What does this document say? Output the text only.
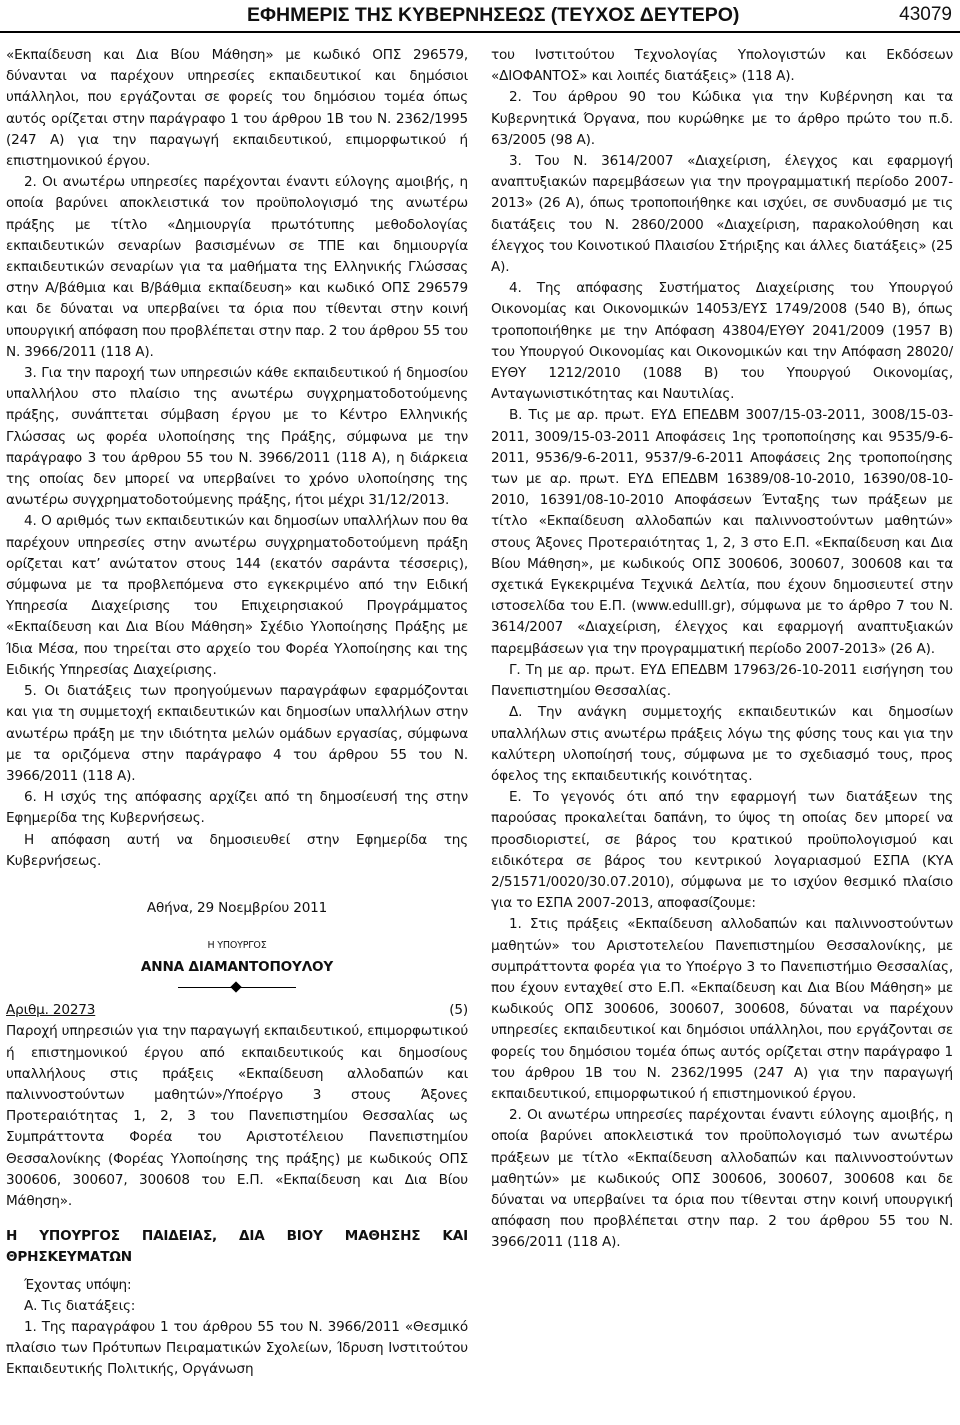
ΕΦΗΜΕΡΙΣ ΤΗΣ ΚΥΒΕΡΝΗΣΕΩΣ (ΤΕΥΧΟΣ ΔΕΥΤΕΡΟ)	43079

«Εκπαίδευση και Δια Βίου Μάθηση» με κωδικό ΟΠΣ 296579, δύνανται να παρέχουν υπηρεσίες εκπαιδευτικοί και δημόσιοι υπάλληλοι, που εργάζονται σε φορείς του δημόσιου τομέα όπως αυτός ορίζεται στην παράγραφο 1 του άρθρου 1Β του Ν. 2362/1995 (247 Α) για την παραγωγή εκπαιδευτικού, επιμορφωτικού ή επιστημονικού έργου.

2. Οι ανωτέρω υπηρεσίες παρέχονται έναντι εύλογης αμοιβής, η οποία βαρύνει αποκλειστικά τον προϋπολογισμό της ανωτέρω πράξης με τίτλο «Δημιουργία πρωτότυπης μεθοδολογίας εκπαιδευτικών σεναρίων βασισμένων σε ΤΠΕ και δημιουργία εκπαιδευτικών σεναρίων για τα μαθήματα της Ελληνικής Γλώσσας στην Α/βάθμια και Β/βάθμια εκπαίδευση» και κωδικό ΟΠΣ 296579 και δε δύναται να υπερβαίνει τα όρια που τίθενται στην κοινή υπουργική απόφαση που προβλέπεται στην παρ. 2 του άρθρου 55 του Ν. 3966/2011 (118 Α).

3. Για την παροχή των υπηρεσιών κάθε εκπαιδευτικού ή δημοσίου υπαλλήλου στο πλαίσιο της ανωτέρω συγχρηματοδοτούμενης πράξης, συνάπτεται σύμβαση έργου με το Κέντρο Ελληνικής Γλώσσας ως φορέα υλοποίησης της Πράξης, σύμφωνα με την παράγραφο 3 του άρθρου 55 του Ν. 3966/2011 (118 Α), η διάρκεια της οποίας δεν μπορεί να υπερβαίνει το χρόνο υλοποίησης της ανωτέρω συγχρηματοδοτούμενης πράξης, ήτοι μέχρι 31/12/2013.

4. Ο αριθμός των εκπαιδευτικών και δημοσίων υπαλλήλων που θα παρέχουν υπηρεσίες στην ανωτέρω συγχρηματοδοτούμενη πράξη ορίζεται κατ’ ανώτατον στους 144 (εκατόν σαράντα τέσσερις), σύμφωνα με τα προβλεπόμενα στο εγκεκριμένο από την Ειδική Υπηρεσία Διαχείρισης του Επιχειρησιακού Προγράμματος «Εκπαίδευση και Δια Βίου Μάθηση» Σχέδιο Υλοποίησης Πράξης με Ίδια Μέσα, που τηρείται στο αρχείο του Φορέα Υλοποίησης και της Ειδικής Υπηρεσίας Διαχείρισης.

5. Οι διατάξεις των προηγούμενων παραγράφων εφαρμόζονται και για τη συμμετοχή εκπαιδευτικών και δημοσίων υπαλλήλων στην ανωτέρω πράξη με την ιδιότητα μελών ομάδων εργασίας, σύμφωνα με τα οριζόμενα στην παράγραφο 4 του άρθρου 55 του Ν. 3966/2011 (118 Α).

6. Η ισχύς της απόφασης αρχίζει από τη δημοσίευσή της στην Εφημερίδα της Κυβερνήσεως.

Η απόφαση αυτή να δημοσιευθεί στην Εφημερίδα της Κυβερνήσεως.

Αθήνα, 29 Νοεμβρίου 2011

Η ΥΠΟΥΡΓΟΣ

ΑΝΝΑ ΔΙΑΜΑΝΤΟΠΟΥΛΟΥ

Αριθμ. 20273	(5)

Παροχή υπηρεσιών για την παραγωγή εκπαιδευτικού, επιμορφωτικού ή επιστημονικού έργου από εκπαιδευτικούς και δημοσίους υπαλλήλους στις πράξεις «Εκπαίδευση αλλοδαπών και παλιννοστούντων μαθητών»/Υποέργο 3 στους Άξονες Προτεραιότητας 1, 2, 3 του Πανεπιστημίου Θεσσαλίας ως Συμπράττοντα Φορέα του Αριστοτέλειου Πανεπιστημίου Θεσσαλονίκης (Φορέας Υλοποίησης της πράξης) με κωδικούς ΟΠΣ 300606, 300607, 300608 του Ε.Π. «Εκπαίδευση και Δια Βίου Μάθηση».

Η ΥΠΟΥΡΓΟΣ ΠΑΙΔΕΙΑΣ, ΔΙΑ ΒΙΟΥ ΜΑΘΗΣΗΣ ΚΑΙ ΘΡΗΣΚΕΥΜΑΤΩΝ

Έχοντας υπόψη:

Α. Τις διατάξεις:

1. Της παραγράφου 1 του άρθρου 55 του Ν. 3966/2011 «Θεσμικό πλαίσιο των Πρότυπων Πειραματικών Σχολείων, Ίδρυση Ινστιτούτου Εκπαιδευτικής Πολιτικής, Οργάνωση

του Ινστιτούτου Τεχνολογίας Υπολογιστών και Εκδόσεων «ΔΙΟΦΑΝΤΟΣ» και λοιπές διατάξεις» (118 Α).

2. Του άρθρου 90 του Κώδικα για την Κυβέρνηση και τα Κυβερνητικά Όργανα, που κυρώθηκε με το άρθρο πρώτο του π.δ. 63/2005 (98 Α).

3. Του Ν. 3614/2007 «Διαχείριση, έλεγχος και εφαρμογή αναπτυξιακών παρεμβάσεων για την προγραμματική περίοδο 2007-2013» (26 Α), όπως τροποποιήθηκε και ισχύει, σε συνδυασμό με τις διατάξεις του Ν. 2860/2000 «Διαχείριση, παρακολούθηση και έλεγχος του Κοινοτικού Πλαισίου Στήριξης και άλλες διατάξεις» (25 Α).

4. Της απόφασης Συστήματος Διαχείρισης του Υπουργού Οικονομίας και Οικονομικών 14053/ΕΥΣ 1749/2008 (540 Β), όπως τροποποιήθηκε με την Απόφαση 43804/ΕΥΘΥ 2041/2009 (1957 Β) του Υπουργού Οικονομίας και Οικονομικών και την Απόφαση 28020/ΕΥΘΥ 1212/2010 (1088 Β) του Υπουργού Οικονομίας, Ανταγωνιστικότητας και Ναυτιλίας.

Β. Τις με αρ. πρωτ. ΕΥΔ ΕΠΕΔΒΜ 3007/15-03-2011, 3008/15-03-2011, 3009/15-03-2011 Αποφάσεις 1ης τροποποίησης και 9535/9-6-2011, 9536/9-6-2011, 9537/9-6-2011 Αποφάσεις 2ης τροποποίησης των με αρ. πρωτ. ΕΥΔ ΕΠΕΔΒΜ 16389/08-10-2010, 16390/08-10-2010, 16391/08-10-2010 Αποφάσεων Ένταξης των πράξεων με τίτλο «Εκπαίδευση αλλοδαπών και παλιννοστούντων μαθητών» στους Άξονες Προτεραιότητας 1, 2, 3 στο Ε.Π. «Εκπαίδευση και Δια Βίου Μάθηση», με κωδικούς ΟΠΣ 300606, 300607, 300608 και τα σχετικά Εγκεκριμένα Τεχνικά Δελτία, που έχουν δημοσιευτεί στην ιστοσελίδα του Ε.Π. (www.edulll.gr), σύμφωνα με το άρθρο 7 του Ν. 3614/2007 «Διαχείριση, έλεγχος και εφαρμογή αναπτυξιακών παρεμβάσεων για την προγραμματική περίοδο 2007-2013» (26 Α).

Γ. Τη με αρ. πρωτ. ΕΥΔ ΕΠΕΔΒΜ 17963/26-10-2011 εισήγηση του Πανεπιστημίου Θεσσαλίας.

Δ. Την ανάγκη συμμετοχής εκπαιδευτικών και δημοσίων υπαλλήλων στις ανωτέρω πράξεις λόγω της φύσης τους και για την καλύτερη υλοποίησή τους, σύμφωνα με το σχεδιασμό τους, προς όφελος της εκπαιδευτικής κοινότητας.

Ε. Το γεγονός ότι από την εφαρμογή των διατάξεων της παρούσας προκαλείται δαπάνη, το ύψος τη οποίας δεν μπορεί να προσδιοριστεί, σε βάρος του κρατικού προϋπολογισμού και ειδικότερα σε βάρος του κεντρικού λογαριασμού ΕΣΠΑ (ΚΥΑ 2/51571/0020/30.07.2010), σύμφωνα με το ισχύον θεσμικό πλαίσιο για το ΕΣΠΑ 2007-2013, αποφασίζουμε:

1. Στις πράξεις «Εκπαίδευση αλλοδαπών και παλιννοστούντων μαθητών» του Αριστοτελείου Πανεπιστημίου Θεσσαλονίκης, με συμπράττοντα φορέα για το Υποέργο 3 το Πανεπιστήμιο Θεσσαλίας, που έχουν ενταχθεί στο Ε.Π. «Εκπαίδευση και Δια Βίου Μάθηση» με κωδικούς ΟΠΣ 300606, 300607, 300608, δύναται να παρέχουν υπηρεσίες εκπαιδευτικοί και δημόσιοι υπάλληλοι, που εργάζονται σε φορείς του δημόσιου τομέα όπως αυτός ορίζεται στην παράγραφο 1 του άρθρου 1Β του Ν. 2362/1995 (247 Α) για την παραγωγή εκπαιδευτικού, επιμορφωτικού ή επιστημονικού έργου.

2. Οι ανωτέρω υπηρεσίες παρέχονται έναντι εύλογης αμοιβής, η οποία βαρύνει αποκλειστικά τον προϋπολογισμό των ανωτέρω πράξεων με τίτλο «Εκπαίδευση αλλοδαπών και παλιννοστούντων μαθητών» με κωδικούς ΟΠΣ 300606, 300607, 300608 και δε δύναται να υπερβαίνει τα όρια που τίθενται στην κοινή υπουργική απόφαση που προβλέπεται στην παρ. 2 του άρθρου 55 του Ν. 3966/2011 (118 Α).
